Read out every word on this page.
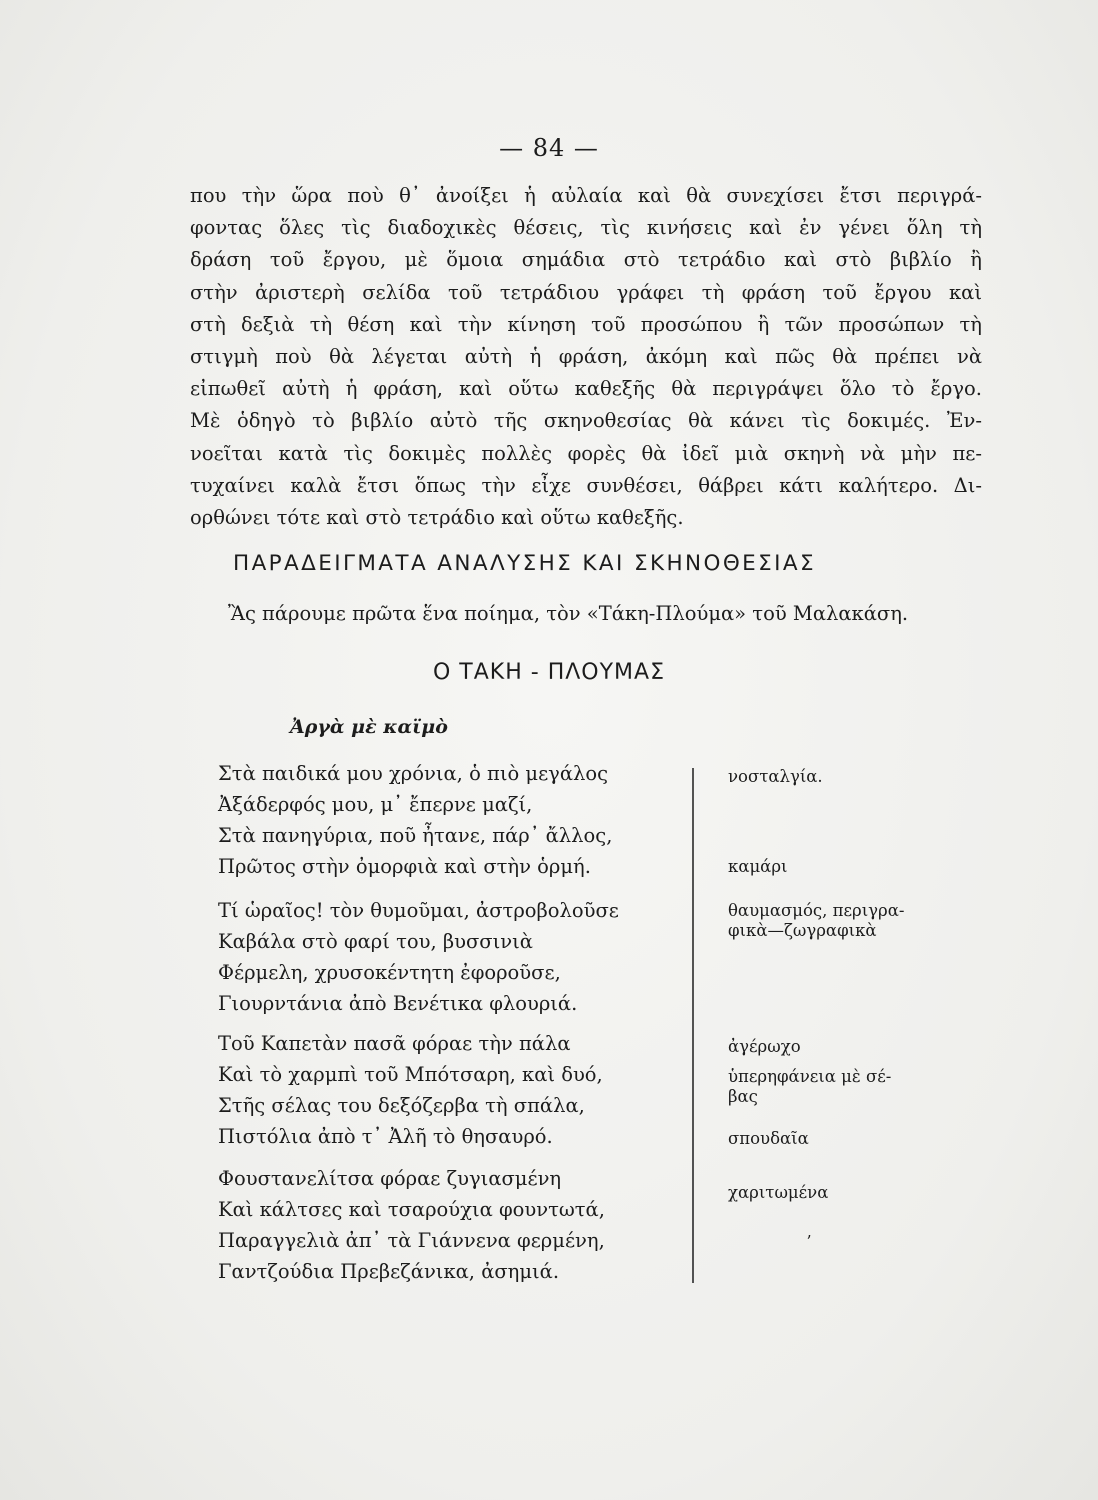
— 84 —
που τὴν ὥρα ποὺ θ᾽ ἀνοίξει ἡ αὐλαία καὶ θὰ συνεχίσει ἔτσι περιγρά-
φοντας ὅλες τὶς διαδοχικὲς θέσεις, τὶς κινήσεις καὶ ἐν γένει ὅλη τὴ
δράση τοῦ ἔργου, μὲ ὅμοια σημάδια στὸ τετράδιο καὶ στὸ βιβλίο ἢ
στὴν ἀριστερὴ σελίδα τοῦ τετράδιου γράφει τὴ φράση τοῦ ἔργου καὶ
στὴ δεξιὰ τὴ θέση καὶ τὴν κίνηση τοῦ προσώπου ἢ τῶν προσώπων τὴ
στιγμὴ ποὺ θὰ λέγεται αὐτὴ ἡ φράση, ἀκόμη καὶ πῶς θὰ πρέπει νὰ
εἰπωθεῖ αὐτὴ ἡ φράση, καὶ οὕτω καθεξῆς θὰ περιγράψει ὅλο τὸ ἔργο.
Μὲ ὁδηγὸ τὸ βιβλίο αὐτὸ τῆς σκηνοθεσίας θὰ κάνει τὶς δοκιμές. Ἐν-
νοεῖται κατὰ τὶς δοκιμὲς πολλὲς φορὲς θὰ ἰδεῖ μιὰ σκηνὴ νὰ μὴν πε-
τυχαίνει καλὰ ἔτσι ὅπως τὴν εἶχε συνθέσει, θάβρει κάτι καλήτερο. Δι-
ορθώνει τότε καὶ στὸ τετράδιο καὶ οὕτω καθεξῆς.
ΠΑΡΑΔΕΙΓΜΑΤΑ ΑΝΑΛΥΣΗΣ ΚΑΙ ΣΚΗΝΟΘΕΣΙΑΣ
Ἂς πάρουμε πρῶτα ἕνα ποίημα, τὸν «Τάκη-Πλούμα» τοῦ Μαλακάση.
Ο ΤΑΚΗ - ΠΛΟΥΜΑΣ
Ἀργὰ μὲ καϊμὸ
Στὰ παιδικά μου χρόνια, ὁ πιὸ μεγάλος
Ἀξάδερφός μου, μ᾽ ἔπερνε μαζί,
Στὰ πανηγύρια, ποῦ ἦτανε, πάρ᾽ ἄλλος,
Πρῶτος στὴν ὀμορφιὰ καὶ στὴν ὁρμή.
Τί ὡραῖος! τὸν θυμοῦμαι, ἀστροβολοῦσε
Καβάλα στὸ φαρί του, βυσσινιὰ
Φέρμελη, χρυσοκέντητη ἐφοροῦσε,
Γιουρντάνια ἀπὸ Βενέτικα φλουριά.
Τοῦ Καπετὰν πασᾶ φόραε τὴν πάλα
Καὶ τὸ χαρμπὶ τοῦ Μπότσαρη, καὶ δυό,
Στῆς σέλας του δεξόζερβα τὴ σπάλα,
Πιστόλια ἀπὸ τ᾽ Ἀλῆ τὸ θησαυρό.
Φουστανελίτσα φόραε ζυγιασμένη
Καὶ κάλτσες καὶ τσαρούχια φουντωτά,
Παραγγελιὰ ἀπ᾽ τὰ Γιάννενα φερμένη,
Γαντζούδια Πρεβεζάνικα, ἀσημιά.
νοσταλγία.
καμάρι
θαυμασμός, περιγρα-
φικὰ—ζωγραφικὰ
ἀγέρωχο
ὑπερηφάνεια μὲ σέ-
βας
σπουδαῖα
χαριτωμένα
ʼ
